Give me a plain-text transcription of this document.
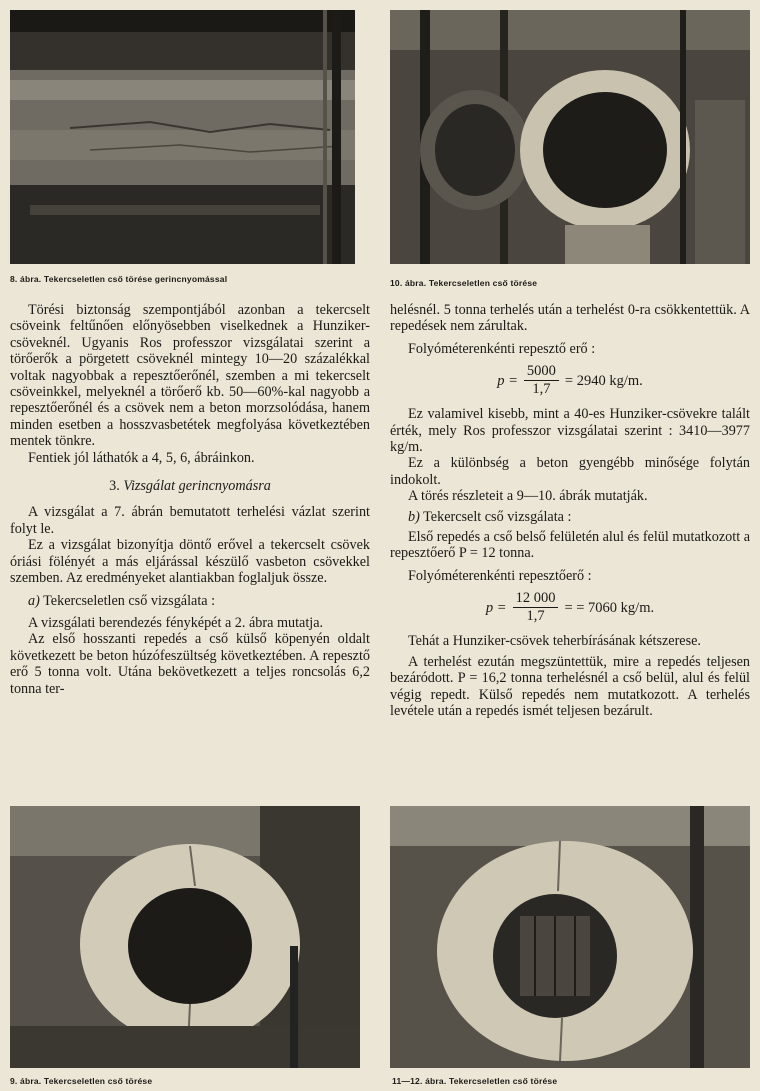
8. ábra. Tekercseletlen cső törése gerincnyomással	10. ábra. Tekercseletlen cső törése

Törési biztonság szempontjából azonban a tekercselt csöveink feltűnően előnyösebben viselkednek a Hunziker-csöveknél. Ugyanis Ros professzor vizsgálatai szerint a törőerők a pörgetett csöveknél mintegy 10—20 százalékkal voltak nagyobbak a repesztőerőnél, szemben a mi tekercselt csöveinkkel, melyeknél a törőerő kb. 50—60%-kal nagyobb a repesztőerőnél és a csövek nem a beton morzsolódása, hanem minden esetben a hosszvasbetétek megfolyása következtében mentek tönkre.

Fentiek jól láthatók a 4, 5, 6, ábráinkon.

3. Vizsgálat gerincnyomásra

A vizsgálat a 7. ábrán bemutatott terhelési vázlat szerint folyt le.

Ez a vizsgálat bizonyítja döntő erővel a tekercselt csövek óriási fölényét a más eljárással készülő vasbeton csövekkel szemben. Az eredményeket alantiakban foglaljuk össze.

a) Tekercseletlen cső vizsgálata :

A vizsgálati berendezés fényképét a 2. ábra mutatja.

Az első hosszanti repedés a cső külső köpenyén oldalt következett be beton húzófeszültség következtében. A repesztő erő 5 tonna volt. Utána bekövetkezett a teljes roncsolás 6,2 tonna ter-

helésnél. 5 tonna terhelés után a terhelést 0-ra csökkentettük. A repedések nem zárultak.

Folyóméterenkénti repesztő erő :

$p = \frac{5000}{1,7} = 2940$ kg/m.

Ez valamivel kisebb, mint a 40-es Hunziker-csövekre talált érték, mely Ros professzor vizsgálatai szerint : 3410—3977 kg/m.

Ez a különbség a beton gyengébb minősége folytán indokolt.

A törés részleteit a 9—10. ábrák mutatják.

b) Tekercselt cső vizsgálata :

Első repedés a cső belső felületén alul és felül mutatkozott a repesztőerő P = 12 tonna.

Folyóméterenkénti repesztőerő :

$p = \frac{12 000}{1,7}$ = = 7060 kg/m.

Tehát a Hunziker-csövek teherbírásának kétszerese.

A terhelést ezután megszüntettük, mire a repedés teljesen bezáródott. P = 16,2 tonna terhelésnél a cső belül, alul és felül végig repedt. Külső repedés nem mutatkozott. A terhelés levétele után a repedés ismét teljesen bezárult.

9. ábra. Tekercseletlen cső törése	11—12. ábra. Tekercseletlen cső törése
